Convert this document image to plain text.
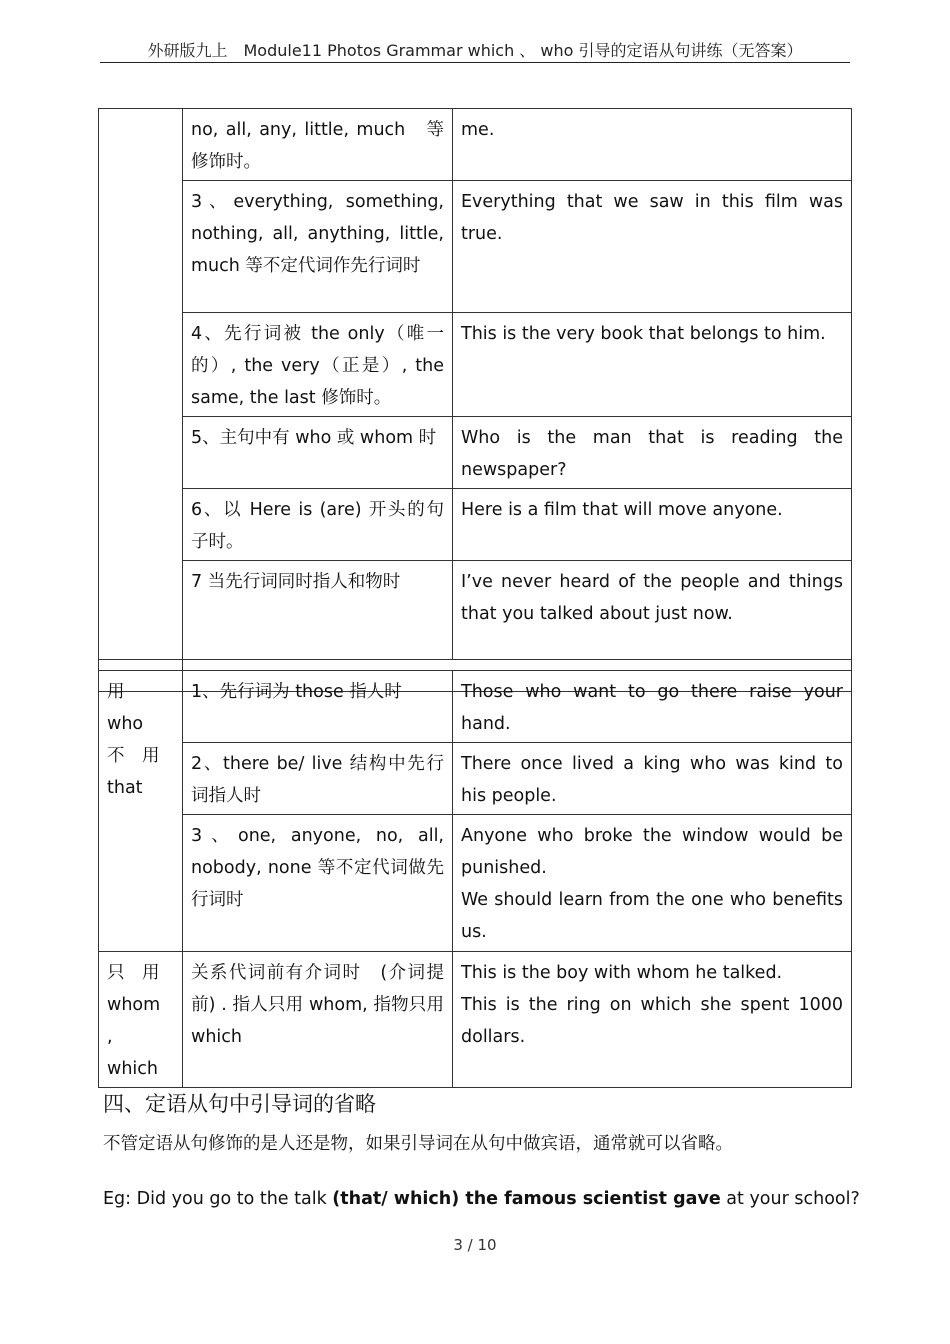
外研版九上　Module11 Photos Grammar which 、 who 引导的定语从句讲练（无答案）
	no, all, any, little, much　等修饰时。	me.
	3、everything, something, nothing, all, anything, little, much 等不定代词作先行词时	Everything that we saw in this film was true.
	4、先行词被 the only（唯一的）, the very（正是）, the same, the last 修饰时。	This is the very book that belongs to him.
	5、主句中有 who 或 whom 时	Who is the man that is reading the newspaper?
	6、以 Here is (are) 开头的句子时。	Here is a film that will move anyone.
	7 当先行词同时指人和物时	I’ve never heard of the people and things that you talked about just now.

用
who
不　用
that	1、先行词为 those 指人时	Those who want to go there raise your hand.
	2、there be/ live 结构中先行词指人时	There once lived a king who was kind to his people.
	3、one, anyone, no, all, nobody, none 等不定代词做先行词时	Anyone who broke the window would be punished.
We should learn from the one who benefits us.

只　用
whom
,
which	关系代词前有介词时　(介词提前) . 指人只用 whom, 指物只用 which	This is the boy with whom he talked.
This is the ring on which she spent 1000 dollars.
四、定语从句中引导词的省略
不管定语从句修饰的是人还是物，如果引导词在从句中做宾语，通常就可以省略。
Eg: Did you go to the talk (that/ which) the famous scientist gave at your school?
3 / 10
